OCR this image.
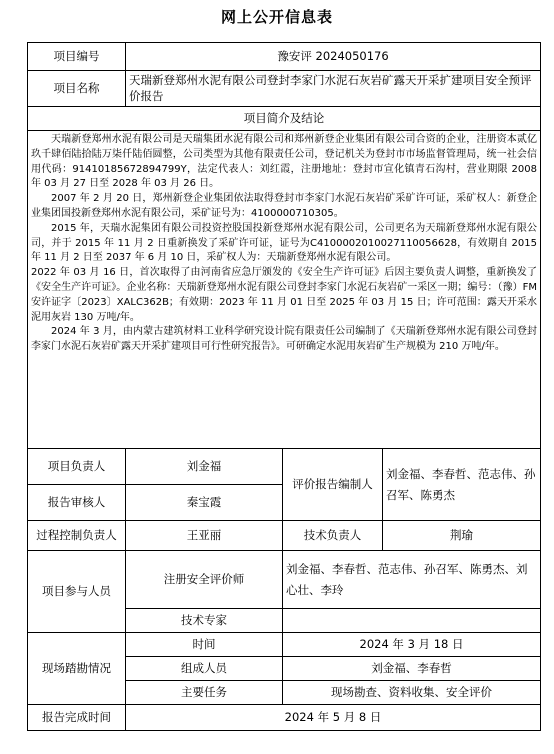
网上公开信息表
项目编号	豫安评 2024050176		
项目名称	天瑞新登郑州水泥有限公司登封李家门水泥石灰岩矿露天开采扩建项目安全预评价报告		
项目简介及结论			

天瑞新登郑州水泥有限公司是天瑞集团水泥有限公司和郑州新登企业集团有限公司合资的企业，注册资本贰亿玖千肆佰陆拾陆万柒仟陆佰圆整，公司类型为其他有限责任公司，登记机关为登封市市场监督管理局，统一社会信用代码：91410185672894799Y，法定代表人：刘红霞，注册地址：登封市宣化镇青石沟村，营业期限 2008 年 03 月 27 日至 2028 年 03 月 26 日。

2007 年 2 月 20 日，郑州新登企业集团依法取得登封市李家门水泥石灰岩矿采矿许可证，采矿权人：新登企业集团国投新登郑州水泥有限公司，采矿证号为：4100000710305。

2015 年，天瑞水泥集团有限公司投资控股国投新登郑州水泥有限公司，公司更名为天瑞新登郑州水泥有限公司，并于 2015 年 11 月 2 日重新换发了采矿许可证，证号为C4100002010027110056628，有效期自 2015 年 11 月 2 日至 2037 年 6 月 10 日，采矿权人为：天瑞新登郑州水泥有限公司。

2022 年 03 月 16 日，首次取得了由河南省应急厅颁发的《安全生产许可证》后因主要负责人调整，重新换发了《安全生产许可证》。企业名称：天瑞新登郑州水泥有限公司登封李家门水泥石灰岩矿一采区一期；编号：（豫）FM 安许证字〔2023〕XALC362B；有效期：2023 年 11 月 01 日至 2025 年 03 月 15 日；许可范围：露天开采水泥用灰岩 130 万吨/年。

2024 年 3 月，由内蒙古建筑材料工业科学研究设计院有限责任公司编制了《天瑞新登郑州水泥有限公司登封李家门水泥石灰岩矿露天开采扩建项目可行性研究报告》。可研确定水泥用灰岩矿生产规模为 210 万吨/年。			

项目负责人	刘金福	评价报告编制人	刘金福、李春哲、范志伟、孙召军、陈勇杰
报告审核人	秦宝霞		
过程控制负责人	王亚丽	技术负责人	荆瑜
项目参与人员	注册安全评价师	刘金福、李春哲、范志伟、孙召军、陈勇杰、刘心壮、李玲	
	技术专家		
现场踏勘情况	时间	2024 年 3 月 18 日	
	组成人员	刘金福、李春哲	
	主要任务	现场勘查、资料收集、安全评价	
报告完成时间	2024 年 5 月 8 日		
